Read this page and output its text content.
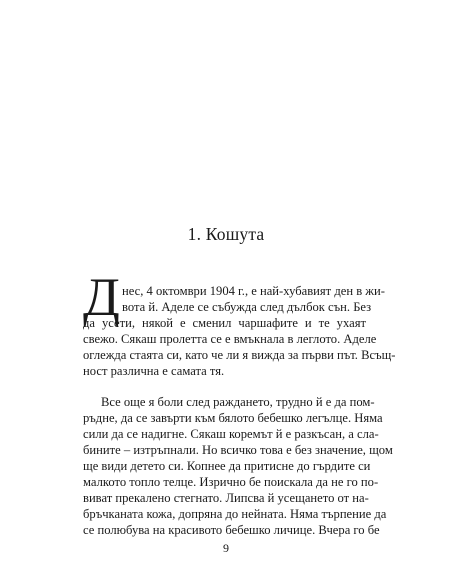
1. Кошута
Д нес, 4 октомври 1904 г., е най-хубавият ден в жи-
вота й. Аделе се събужда след дълбок сън. Без
да усети, някой е сменил чаршафите и те ухаят
свежо. Сякаш пролетта се е вмъкнала в леглото. Аделе
оглежда стаята си, като че ли я вижда за първи път. Всъщ-
ност различна е самата тя.
Все още я боли след раждането, трудно й е да пом-
ръдне, да се завърти към бялото бебешко легълце. Няма
сили да се надигне. Сякаш коремът й е разкъсан, а сла-
бините – изтръпнали. Но всичко това е без значение, щом
ще види детето си. Копнее да притисне до гърдите си
малкото топло телце. Изрично бе поискала да не го по-
виват прекалено стегнато. Липсва й усещането от на-
бръчканата кожа, допряна до нейната. Няма търпение да
се полюбува на красивото бебешко личице. Вчера го бе
9
